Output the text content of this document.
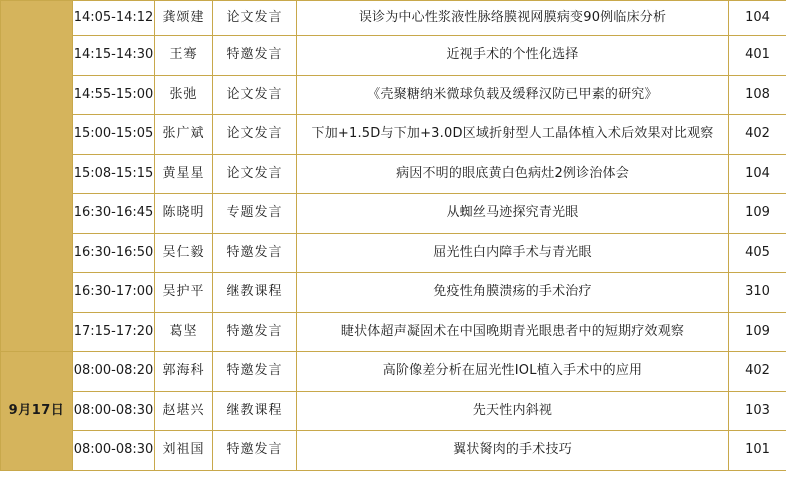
	14:05-14:12	龚颂建	论文发言	误诊为中心性浆液性脉络膜视网膜病变90例临床分析	104
	14:15-14:30	王骞	特邀发言	近视手术的个性化选择	401
	14:55-15:00	张弛	论文发言	《壳聚糖纳米微球负载及缓释汉防已甲素的研究》	108
	15:00-15:05	张广斌	论文发言	下加+1.5D与下加+3.0D区域折射型人工晶体植入术后效果对比观察	402
	15:08-15:15	黄星星	论文发言	病因不明的眼底黄白色病灶2例诊治体会	104
	16:30-16:45	陈晓明	专题发言	从蜘丝马迹探究青光眼	109
	16:30-16:50	吴仁毅	特邀发言	屈光性白内障手术与青光眼	405
	16:30-17:00	吴护平	继教课程	免疫性角膜溃疡的手术治疗	310
	17:15-17:20	葛坚	特邀发言	睫状体超声凝固术在中国晚期青光眼患者中的短期疗效观察	109
9月17日	08:00-08:20	郭海科	特邀发言	高阶像差分析在屈光性IOL植入手术中的应用	402
	08:00-08:30	赵堪兴	继教课程	先天性内斜视	103
	08:00-08:30	刘祖国	特邀发言	翼状胬肉的手术技巧	101
